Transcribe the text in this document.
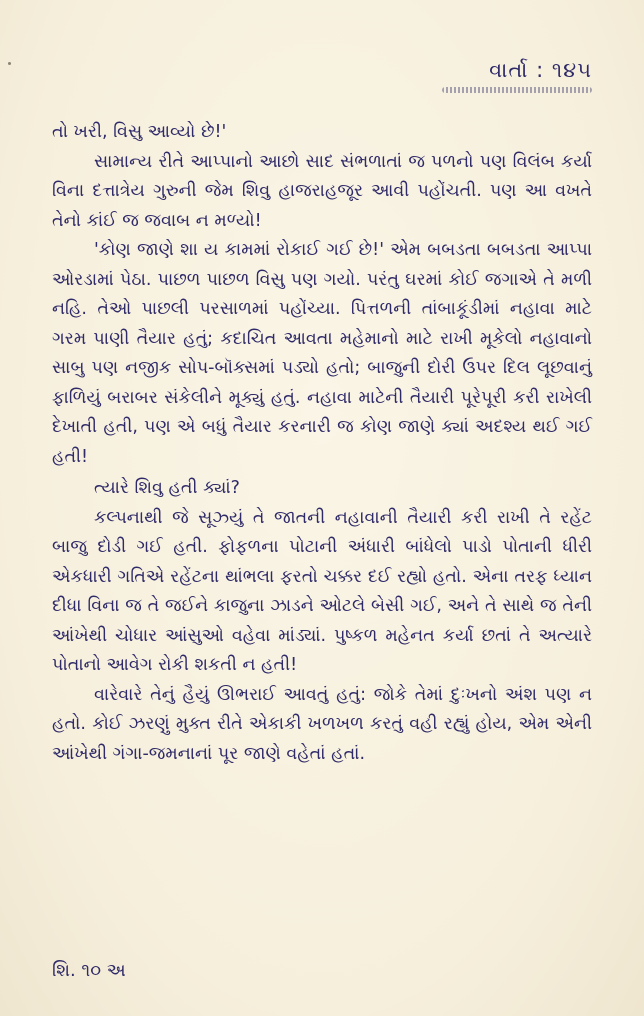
વાર્તા : ૧૪૫

તો ખરી, વિસુ આવ્યો છે!'

સામાન્ય રીતે આપ્પાનો આછો સાદ સંભળાતાં જ પળનો પણ વિલંબ કર્યા વિના દત્તાત્રેય ગુરુની જેમ શિવુ હાજરાહજૂર આવી પહોંચતી. પણ આ વખતે તેનો કાંઈ જ જવાબ ન મળ્યો!

'કોણ જાણે શા ય કામમાં રોકાઈ ગઈ છે!' એમ બબડતા બબડતા આપ્પા ઓરડામાં પેઠા. પાછળ પાછળ વિસુ પણ ગયો. પરંતુ ઘરમાં કોઈ જગાએ તે મળી નહિ. તેઓ પાછલી પરસાળમાં પહોંચ્યા. પિત્તળની તાંબાકૂંડીમાં નહાવા માટે ગરમ પાણી તૈયાર હતું; કદાચિત આવતા મહેમાનો માટે રાખી મૂકેલો નહાવાનો સાબુ પણ નજીક સોપ-બૉક્સમાં પડ્યો હતો; બાજુની દોરી ઉપર દિલ લૂછવાનું ફાળિયું બરાબર સંકેલીને મૂક્યું હતું. નહાવા માટેની તૈયારી પૂરેપૂરી કરી રાખેલી દેખાતી હતી, પણ એ બધું તૈયાર કરનારી જ કોણ જાણે ક્યાં અદશ્ય થઈ ગઈ હતી!

ત્યારે શિવુ હતી ક્યાં?

કલ્પનાથી જે સૂઝ્યું તે જાતની નહાવાની તૈયારી કરી રાખી તે રહેંટ બાજુ દોડી ગઈ હતી. ફોફળના પોટાની અંધારી બાંધેલો પાડો પોતાની ધીરી એકધારી ગતિએ રહેંટના થાંભલા ફરતો ચક્કર દઈ રહ્યો હતો. એના તરફ ધ્યાન દીધા વિના જ તે જઈને કાજુના ઝાડને ઓટલે બેસી ગઈ, અને તે સાથે જ તેની આંખેથી ચોધાર આંસુઓ વહેવા માંડ્યાં. પુષ્કળ મહેનત કર્યા છતાં તે અત્યારે પોતાનો આવેગ રોકી શકતી ન હતી!

વારેવારે તેનું હૈયું ઊભરાઈ આવતું હતું: જોકે તેમાં દુઃખનો અંશ પણ ન હતો. કોઈ ઝરણું મુક્ત રીતે એકાકી ખળખળ કરતું વહી રહ્યું હોય, એમ એની આંખેથી ગંગા-જમનાનાં પૂર જાણે વહેતાં હતાં.

શિ. ૧૦ અ
